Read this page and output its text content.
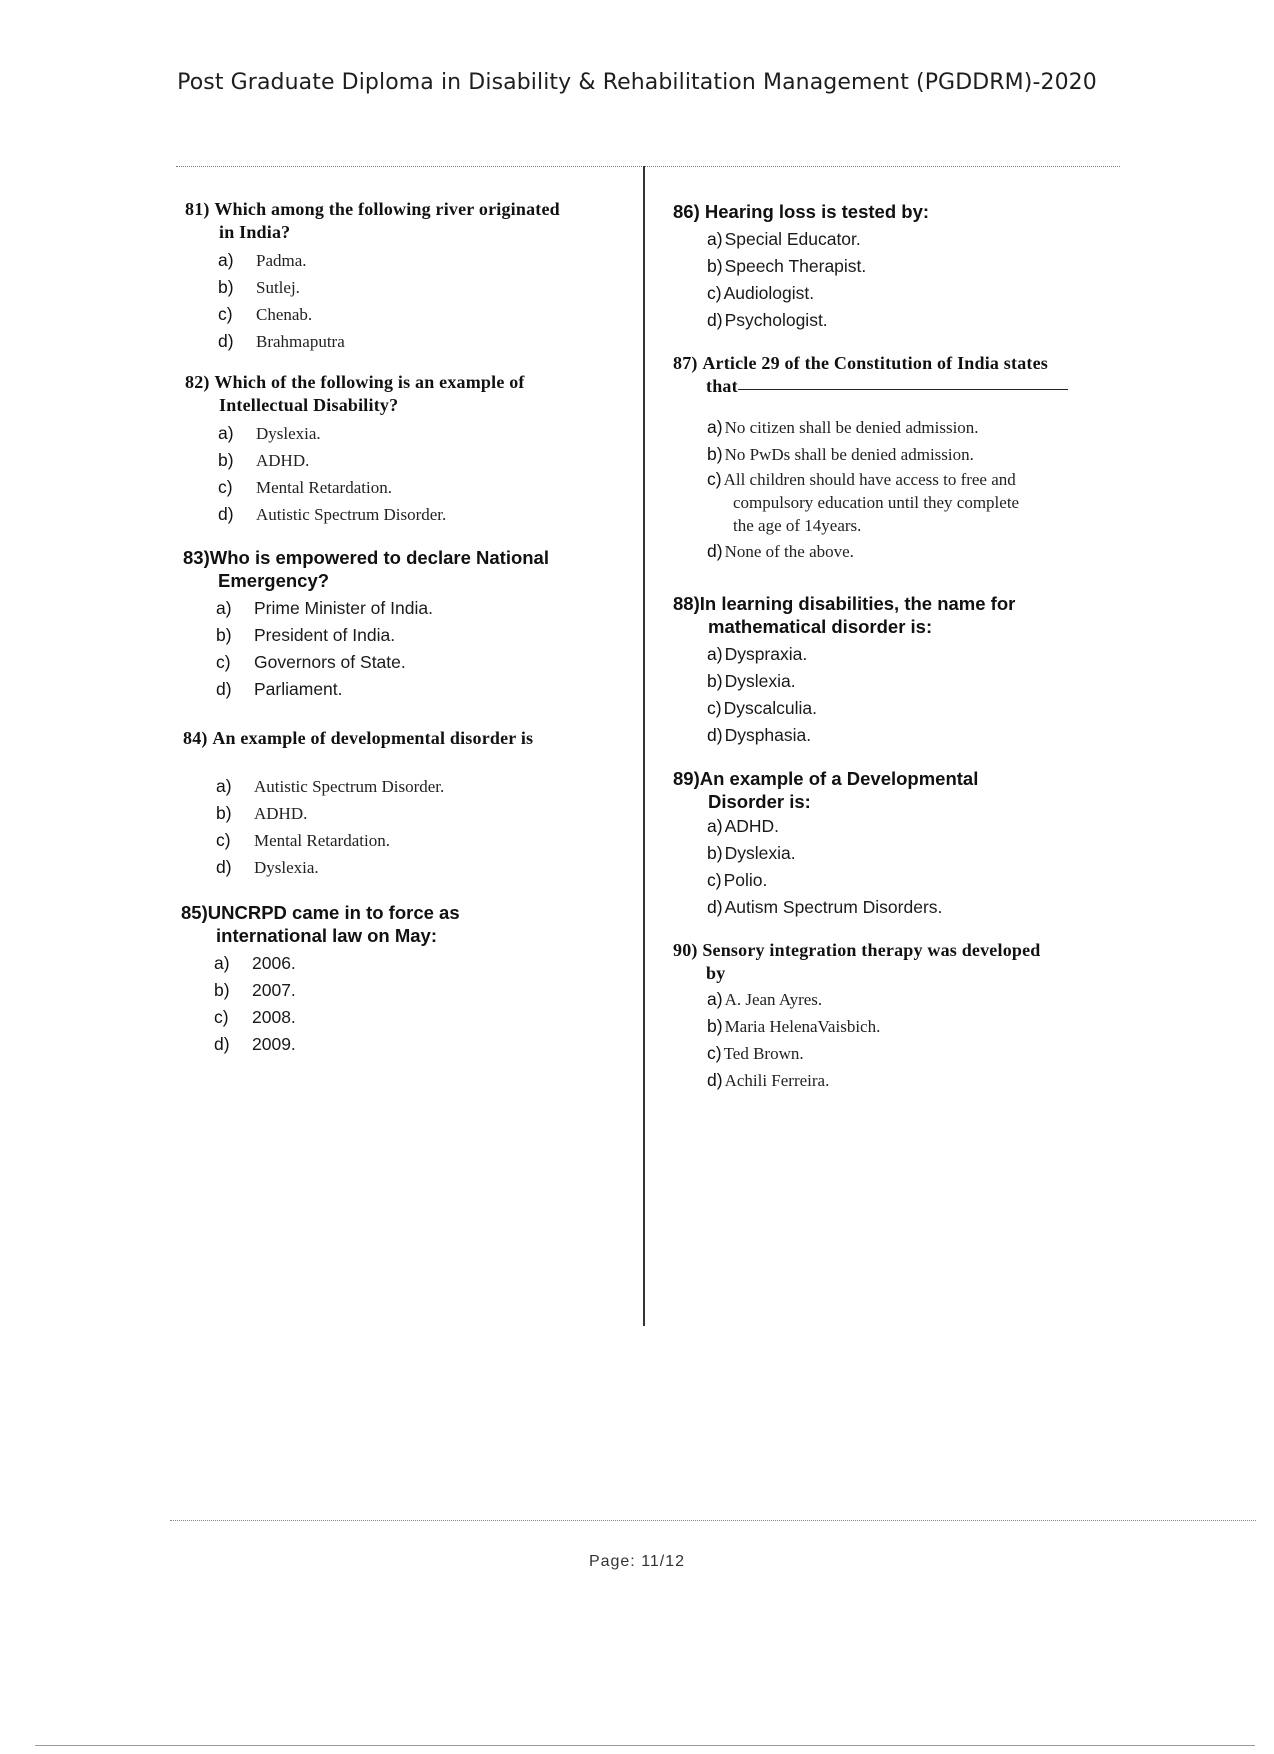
Post Graduate Diploma in Disability & Rehabilitation Management (PGDDRM)-2020
81)
Which among the following river originated
in India?
a)	Padma.
b)	Sutlej.
c)	Chenab.
d)	Brahmaputra
82)
Which of the following is an example of
Intellectual Disability?
a)	Dyslexia.
b)	ADHD.
c)	Mental Retardation.
d)	Autistic Spectrum Disorder.
83) Who is empowered to declare National
Emergency?
a)	Prime Minister of India.
b)	President of India.
c)	Governors of State.
d)	Parliament.
84)
An example of developmental disorder is
a)	Autistic Spectrum Disorder.
b)	ADHD.
c)	Mental Retardation.
d)	Dyslexia.
85) UNCRPD came in to force as
international law on May:
a)	2006.
b)	2007.
c)	2008.
d)	2009.
86)
Hearing loss is tested by:
a) Special Educator.
b) Speech Therapist.
c) Audiologist.
d) Psychologist.
87)
Article 29 of the Constitution of India states
that
a) No citizen shall be denied admission.
b) No PwDs shall be denied admission.
c) All children should have access to free and
compulsory education until they complete
the age of 14years.
d) None of the above.
88) In learning disabilities, the name for
mathematical disorder is:
a) Dyspraxia.
b) Dyslexia.
c) Dyscalculia.
d) Dysphasia.
89) An example of a Developmental
Disorder is:
a) ADHD.
b) Dyslexia.
c) Polio.
d) Autism Spectrum Disorders.
90)
Sensory integration therapy was developed
by
a) A. Jean Ayres.
b) Maria HelenaVaisbich.
c) Ted Brown.
d) Achili Ferreira.
Page: 11/12
